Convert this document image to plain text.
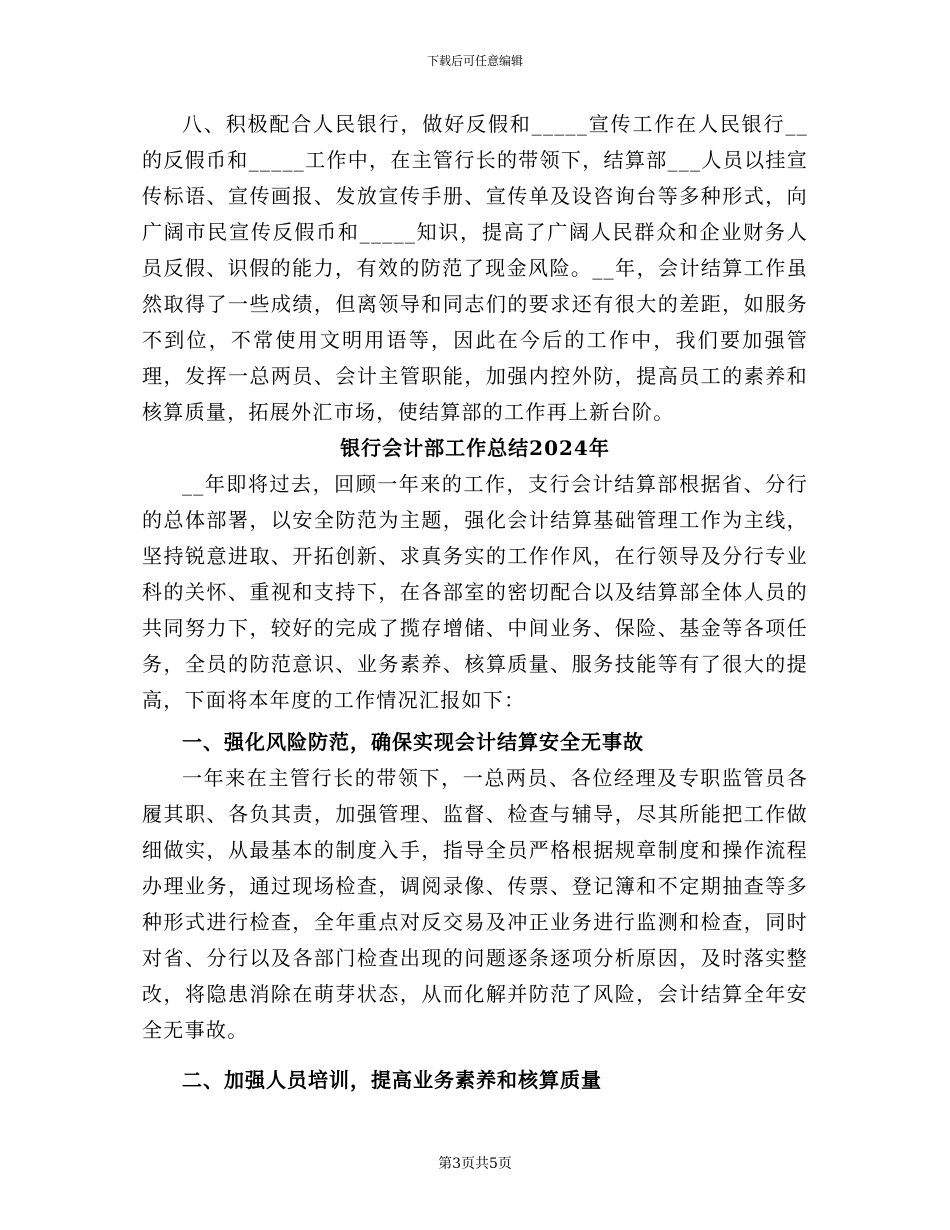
下载后可任意编辑

八、积极配合人民银行，做好反假和_____宣传工作在人民银行__的反假币和_____工作中，在主管行长的带领下，结算部___人员以挂宣传标语、宣传画报、发放宣传手册、宣传单及设咨询台等多种形式，向广阔市民宣传反假币和_____知识，提高了广阔人民群众和企业财务人员反假、识假的能力，有效的防范了现金风险。__年，会计结算工作虽然取得了一些成绩，但离领导和同志们的要求还有很大的差距，如服务不到位，不常使用文明用语等，因此在今后的工作中，我们要加强管理，发挥一总两员、会计主管职能，加强内控外防，提高员工的素养和核算质量，拓展外汇市场，使结算部的工作再上新台阶。

银行会计部工作总结2024年

__年即将过去，回顾一年来的工作，支行会计结算部根据省、分行的总体部署，以安全防范为主题，强化会计结算基础管理工作为主线，坚持锐意进取、开拓创新、求真务实的工作作风，在行领导及分行专业科的关怀、重视和支持下，在各部室的密切配合以及结算部全体人员的共同努力下，较好的完成了揽存增储、中间业务、保险、基金等各项任务，全员的防范意识、业务素养、核算质量、服务技能等有了很大的提高，下面将本年度的工作情况汇报如下：

一、强化风险防范，确保实现会计结算安全无事故

一年来在主管行长的带领下，一总两员、各位经理及专职监管员各履其职、各负其责，加强管理、监督、检查与辅导，尽其所能把工作做细做实，从最基本的制度入手，指导全员严格根据规章制度和操作流程办理业务，通过现场检查，调阅录像、传票、登记簿和不定期抽查等多种形式进行检查，全年重点对反交易及冲正业务进行监测和检查，同时对省、分行以及各部门检查出现的问题逐条逐项分析原因，及时落实整改，将隐患消除在萌芽状态，从而化解并防范了风险，会计结算全年安全无事故。

二、加强人员培训，提高业务素养和核算质量
第3页共5页
